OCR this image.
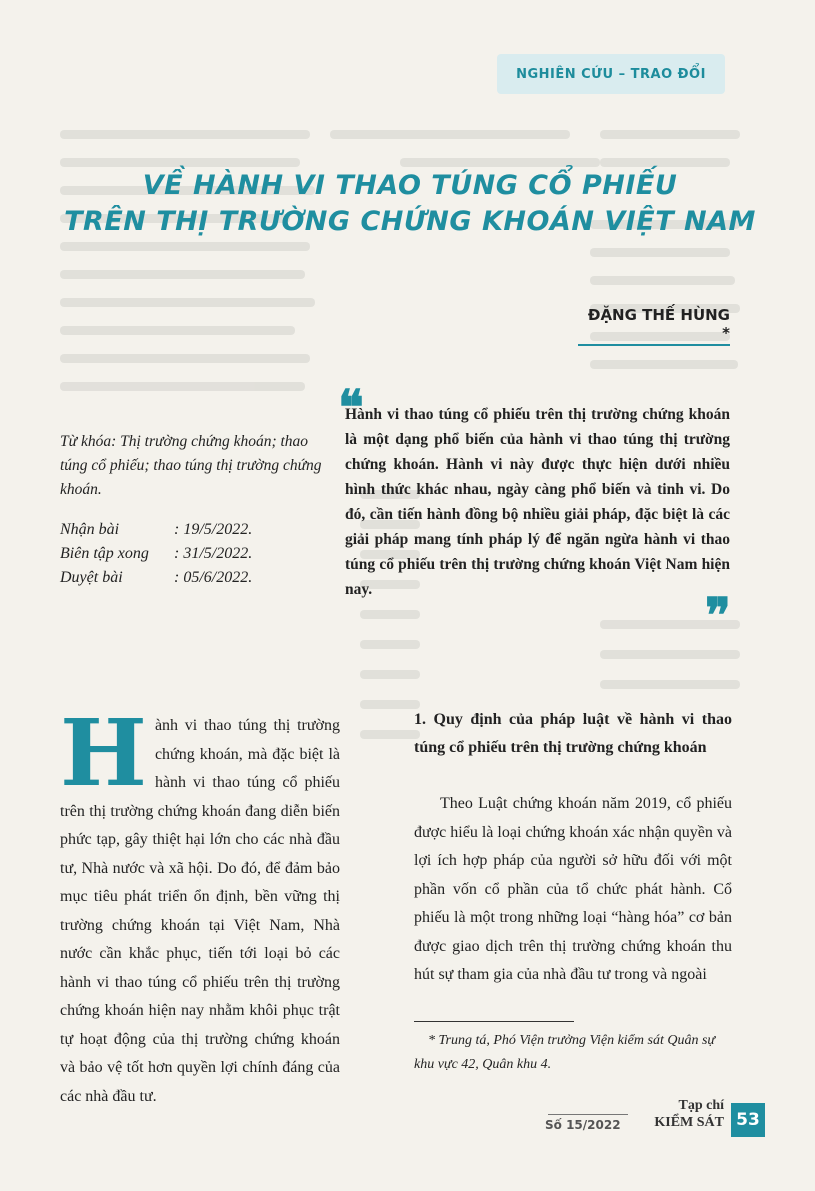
NGHIÊN CỨU – TRAO ĐỔI
VỀ HÀNH VI THAO TÚNG CỔ PHIẾU
TRÊN THỊ TRƯỜNG CHỨNG KHOÁN VIỆT NAM
ĐẶNG THẾ HÙNG *
❝
Hành vi thao túng cổ phiếu trên thị trường chứng khoán là một dạng phổ biến của hành vi thao túng thị trường chứng khoán. Hành vi này được thực hiện dưới nhiều hình thức khác nhau, ngày càng phổ biến và tinh vi. Do đó, cần tiến hành đồng bộ nhiều giải pháp, đặc biệt là các giải pháp mang tính pháp lý để ngăn ngừa hành vi thao túng cổ phiếu trên thị trường chứng khoán Việt Nam hiện nay.	❞
Từ khóa: Thị trường chứng khoán; thao túng cổ phiếu; thao túng thị trường chứng khoán.
Nhận bài	: 19/5/2022.
Biên tập xong	: 31/5/2022.
Duyệt bài	: 05/6/2022.
H ành vi thao túng thị trường chứng khoán, mà đặc biệt là hành vi thao túng cổ phiếu trên thị trường chứng khoán đang diễn biến phức tạp, gây thiệt hại lớn cho các nhà đầu tư, Nhà nước và xã hội. Do đó, để đảm bảo mục tiêu phát triển ổn định, bền vững thị trường chứng khoán tại Việt Nam, Nhà nước cần khắc phục, tiến tới loại bỏ các hành vi thao túng cổ phiếu trên thị trường chứng khoán hiện nay nhằm khôi phục trật tự hoạt động của thị trường chứng khoán và bảo vệ tốt hơn quyền lợi chính đáng của các nhà đầu tư.
1. Quy định của pháp luật về hành vi thao túng cổ phiếu trên thị trường chứng khoán
Theo Luật chứng khoán năm 2019, cổ phiếu được hiểu là loại chứng khoán xác nhận quyền và lợi ích hợp pháp của người sở hữu đối với một phần vốn cổ phần của tổ chức phát hành. Cổ phiếu là một trong những loại “hàng hóa” cơ bản được giao dịch trên thị trường chứng khoán thu hút sự tham gia của nhà đầu tư trong và ngoài
* Trung tá, Phó Viện trưởng Viện kiểm sát Quân sự khu vực 42, Quân khu 4.
Số 15/2022
Tạp chí
KIỂM SÁT 53
